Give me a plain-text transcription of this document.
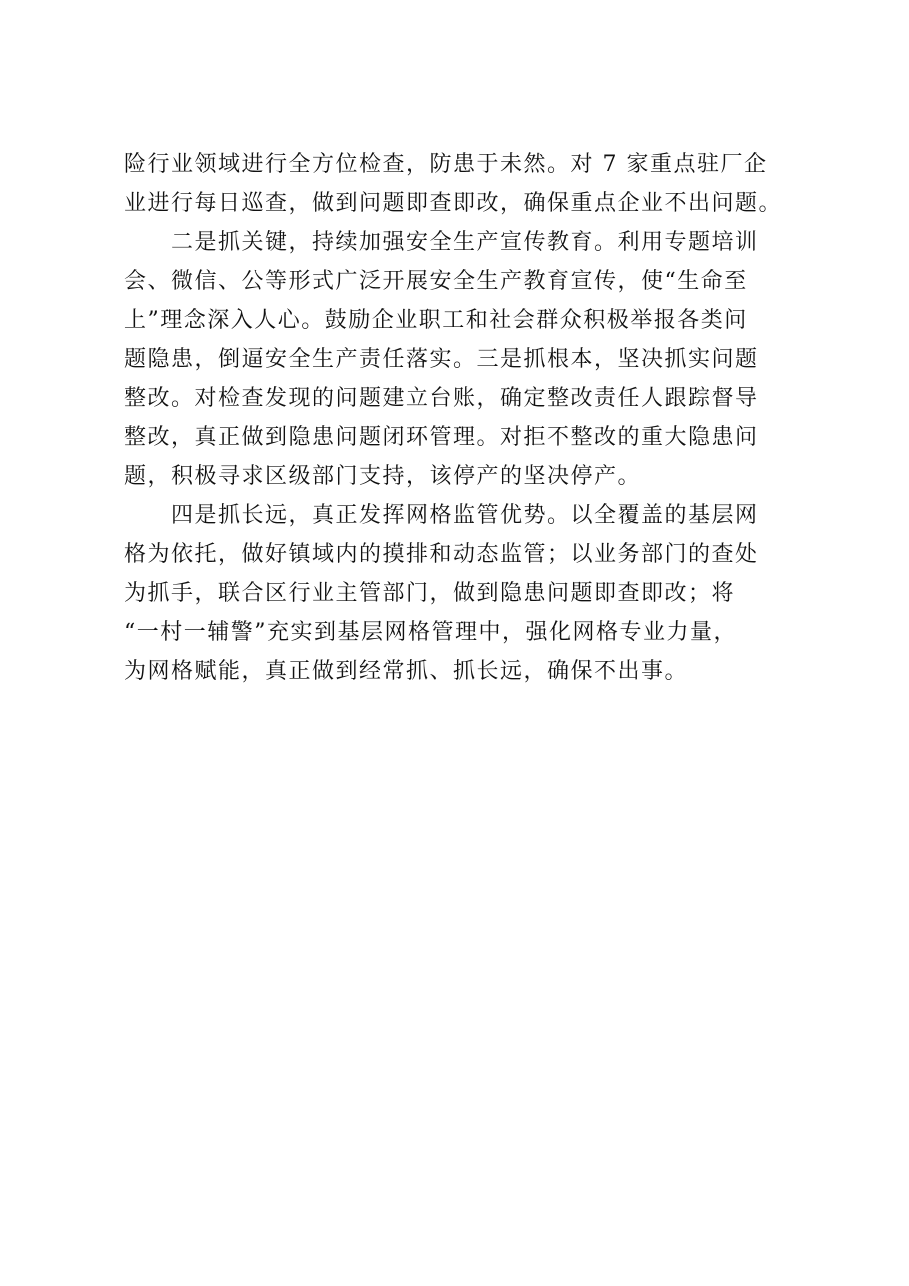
险行业领域进行全方位检查，防患于未然。对 7 家重点驻厂企
业进行每日巡查，做到问题即查即改，确保重点企业不出问题。
二是抓关键，持续加强安全生产宣传教育。利用专题培训
会、微信、公等形式广泛开展安全生产教育宣传，使“生命至
上”理念深入人心。鼓励企业职工和社会群众积极举报各类问
题隐患，倒逼安全生产责任落实。三是抓根本，坚决抓实问题
整改。对检查发现的问题建立台账，确定整改责任人跟踪督导
整改，真正做到隐患问题闭环管理。对拒不整改的重大隐患问
题，积极寻求区级部门支持，该停产的坚决停产。
四是抓长远，真正发挥网格监管优势。以全覆盖的基层网
格为依托，做好镇域内的摸排和动态监管；以业务部门的查处
为抓手，联合区行业主管部门，做到隐患问题即查即改；将
“一村一辅警”充实到基层网格管理中，强化网格专业力量，
为网格赋能，真正做到经常抓、抓长远，确保不出事。
